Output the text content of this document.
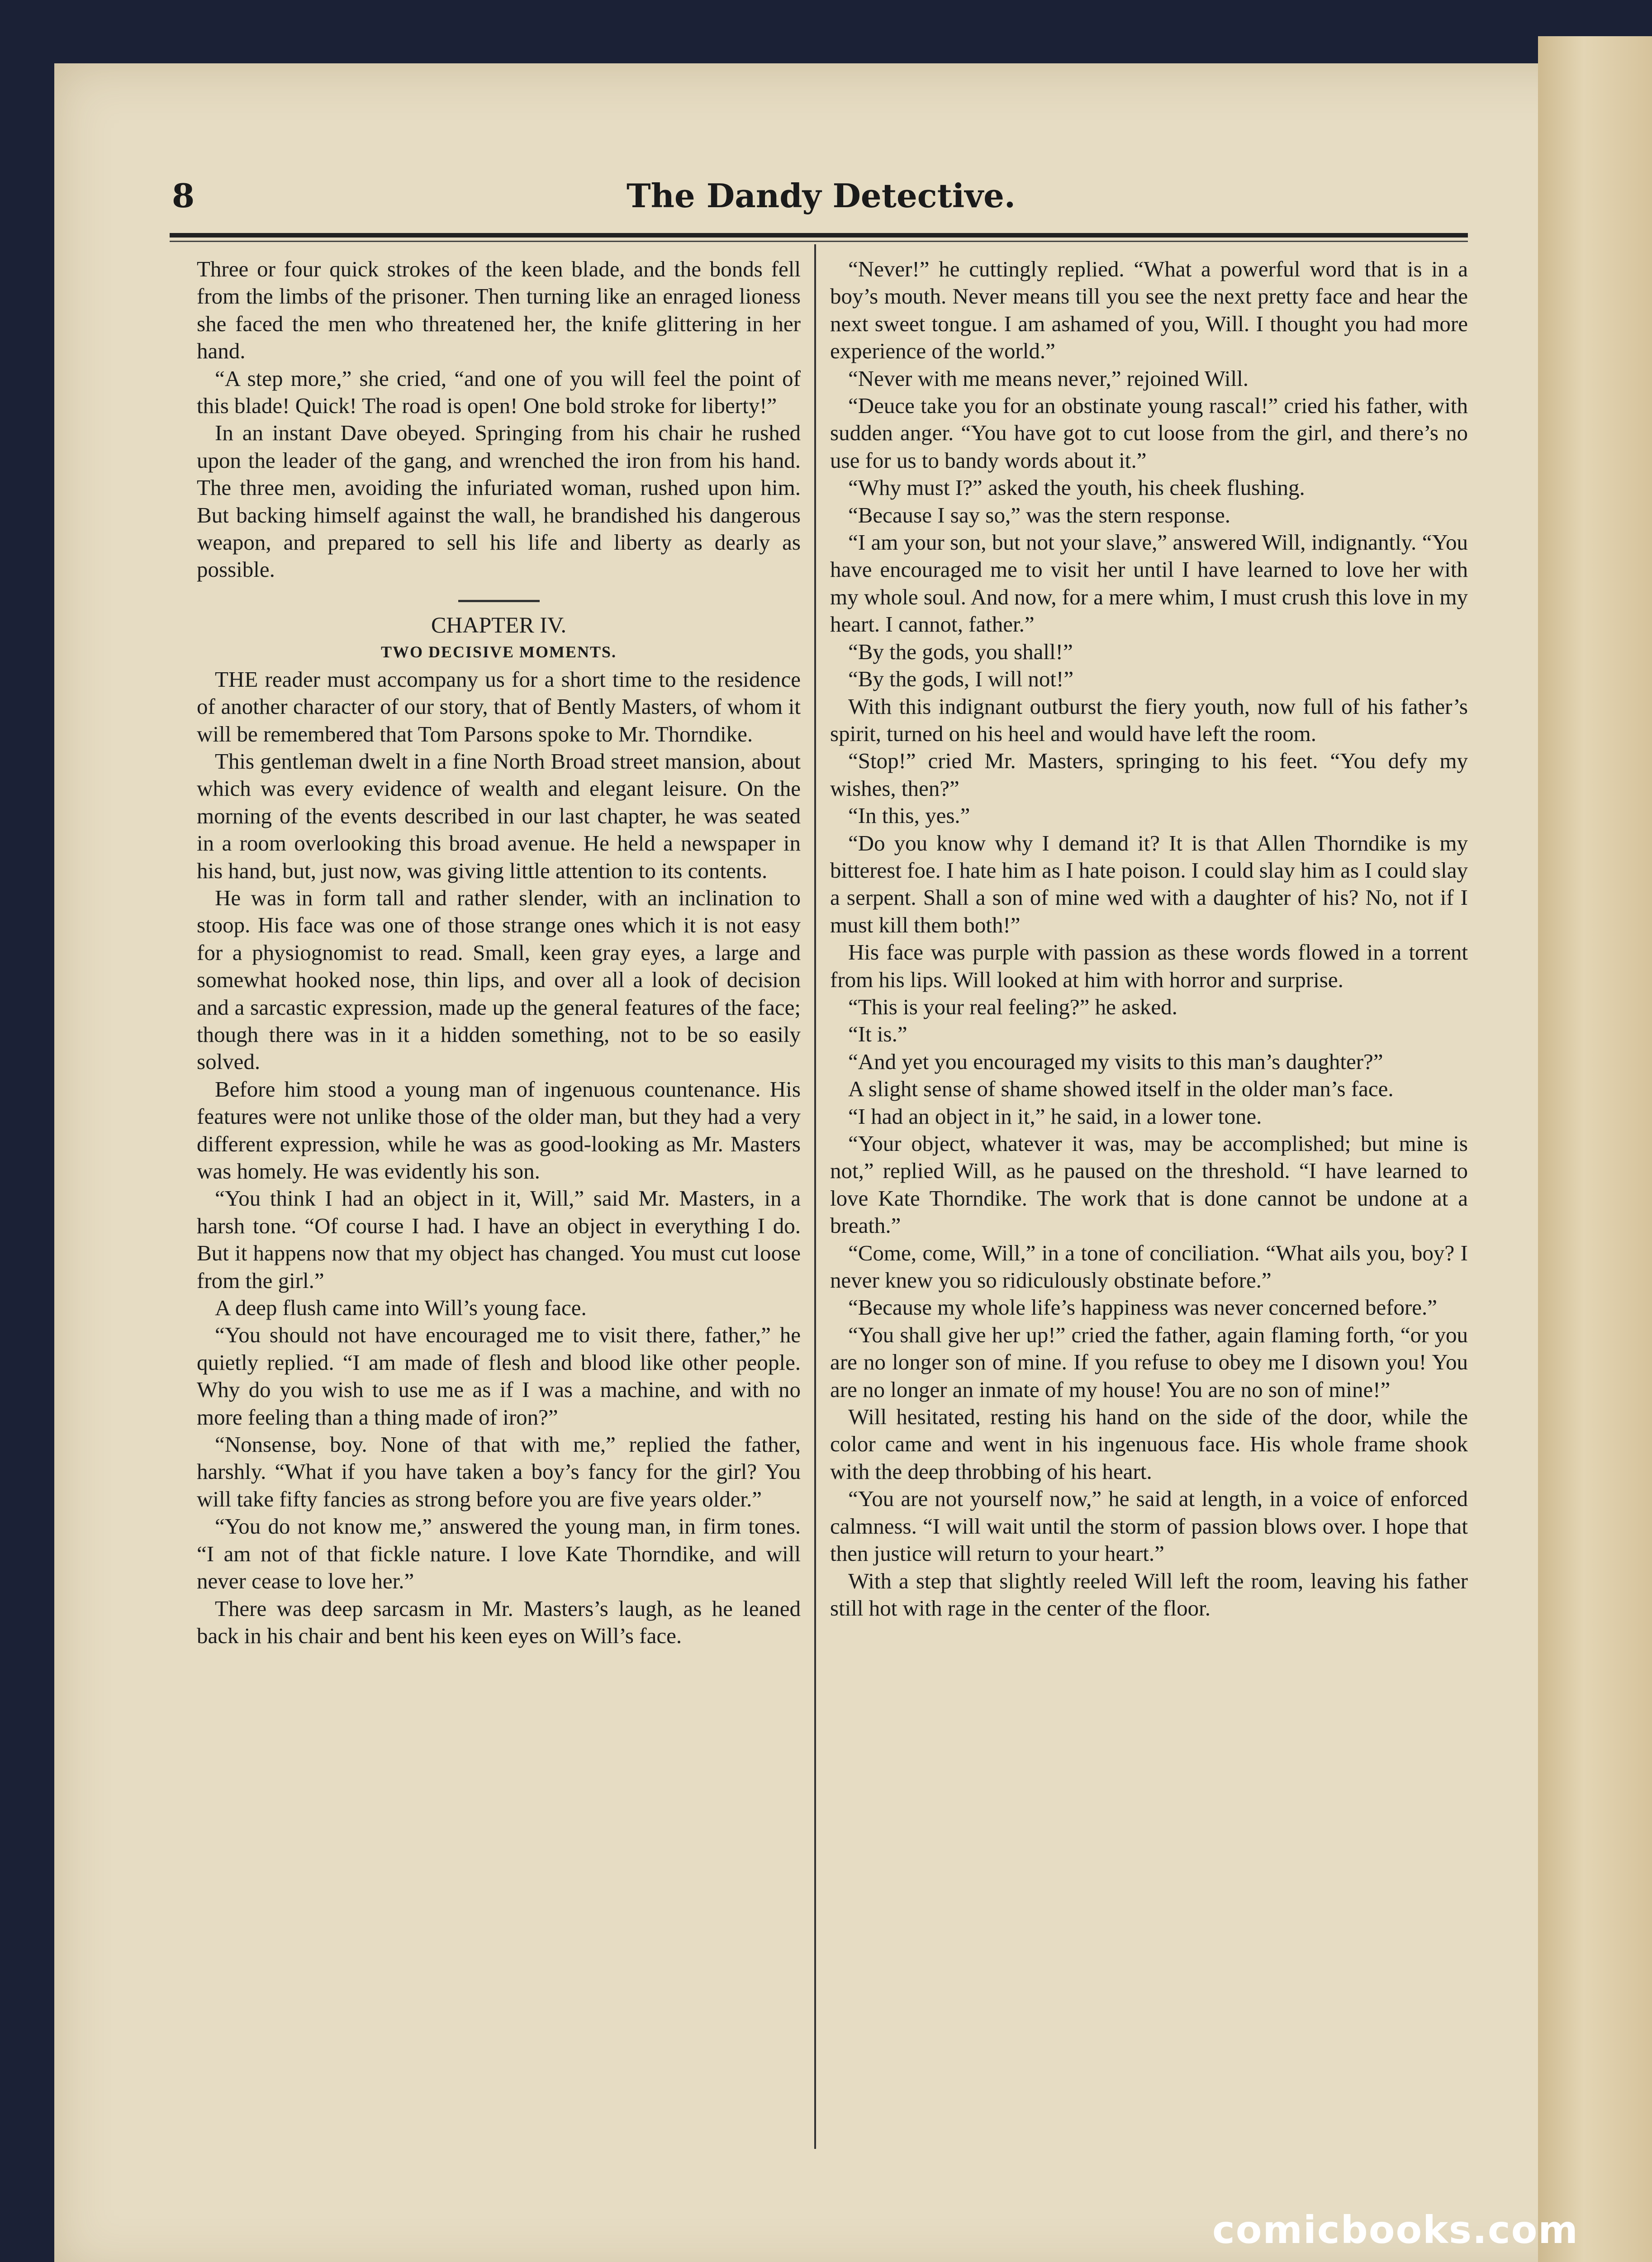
8	The Dandy Detective.

Three or four quick strokes of the keen blade, and the bonds fell from the limbs of the prisoner. Then turning like an enraged lioness she faced the men who threatened her, the knife glittering in her hand.

“A step more,” she cried, “and one of you will feel the point of this blade! Quick! The road is open! One bold stroke for liberty!”

In an instant Dave obeyed. Springing from his chair he rushed upon the leader of the gang, and wrenched the iron from his hand. The three men, avoiding the infuriated woman, rushed upon him. But backing himself against the wall, he brandished his dangerous weapon, and prepared to sell his life and liberty as dearly as possible.

CHAPTER IV.

TWO DECISIVE MOMENTS.

THE reader must accompany us for a short time to the residence of another character of our story, that of Bently Masters, of whom it will be remembered that Tom Parsons spoke to Mr. Thorndike.

This gentleman dwelt in a fine North Broad street mansion, about which was every evidence of wealth and elegant leisure. On the morning of the events described in our last chapter, he was seated in a room overlooking this broad avenue. He held a newspaper in his hand, but, just now, was giving little attention to its contents.

He was in form tall and rather slender, with an inclination to stoop. His face was one of those strange ones which it is not easy for a physiognomist to read. Small, keen gray eyes, a large and somewhat hooked nose, thin lips, and over all a look of decision and a sarcastic expression, made up the general features of the face; though there was in it a hidden something, not to be so easily solved.

Before him stood a young man of ingenuous countenance. His features were not unlike those of the older man, but they had a very different expression, while he was as good-looking as Mr. Masters was homely. He was evidently his son.

“You think I had an object in it, Will,” said Mr. Masters, in a harsh tone. “Of course I had. I have an object in everything I do. But it happens now that my object has changed. You must cut loose from the girl.”

A deep flush came into Will’s young face.

“You should not have encouraged me to visit there, father,” he quietly replied. “I am made of flesh and blood like other people. Why do you wish to use me as if I was a machine, and with no more feeling than a thing made of iron?”

“Nonsense, boy. None of that with me,” replied the father, harshly. “What if you have taken a boy’s fancy for the girl? You will take fifty fancies as strong before you are five years older.”

“You do not know me,” answered the young man, in firm tones. “I am not of that fickle nature. I love Kate Thorndike, and will never cease to love her.”

There was deep sarcasm in Mr. Masters’s laugh, as he leaned back in his chair and bent his keen eyes on Will’s face.

“Never!” he cuttingly replied. “What a powerful word that is in a boy’s mouth. Never means till you see the next pretty face and hear the next sweet tongue. I am ashamed of you, Will. I thought you had more experience of the world.”

“Never with me means never,” rejoined Will.

“Deuce take you for an obstinate young rascal!” cried his father, with sudden anger. “You have got to cut loose from the girl, and there’s no use for us to bandy words about it.”

“Why must I?” asked the youth, his cheek flushing.

“Because I say so,” was the stern response.

“I am your son, but not your slave,” answered Will, indignantly. “You have encouraged me to visit her until I have learned to love her with my whole soul. And now, for a mere whim, I must crush this love in my heart. I cannot, father.”

“By the gods, you shall!”

“By the gods, I will not!”

With this indignant outburst the fiery youth, now full of his father’s spirit, turned on his heel and would have left the room.

“Stop!” cried Mr. Masters, springing to his feet. “You defy my wishes, then?”

“In this, yes.”

“Do you know why I demand it? It is that Allen Thorndike is my bitterest foe. I hate him as I hate poison. I could slay him as I could slay a serpent. Shall a son of mine wed with a daughter of his? No, not if I must kill them both!”

His face was purple with passion as these words flowed in a torrent from his lips. Will looked at him with horror and surprise.

“This is your real feeling?” he asked.

“It is.”

“And yet you encouraged my visits to this man’s daughter?”

A slight sense of shame showed itself in the older man’s face.

“I had an object in it,” he said, in a lower tone.

“Your object, whatever it was, may be accomplished; but mine is not,” replied Will, as he paused on the threshold. “I have learned to love Kate Thorndike. The work that is done cannot be undone at a breath.”

“Come, come, Will,” in a tone of conciliation. “What ails you, boy? I never knew you so ridiculously obstinate before.”

“Because my whole life’s happiness was never concerned before.”

“You shall give her up!” cried the father, again flaming forth, “or you are no longer son of mine. If you refuse to obey me I disown you! You are no longer an inmate of my house! You are no son of mine!”

Will hesitated, resting his hand on the side of the door, while the color came and went in his ingenuous face. His whole frame shook with the deep throbbing of his heart.

“You are not yourself now,” he said at length, in a voice of enforced calmness. “I will wait until the storm of passion blows over. I hope that then justice will return to your heart.”

With a step that slightly reeled Will left the room, leaving his father still hot with rage in the center of the floor.

comicbooks.com
